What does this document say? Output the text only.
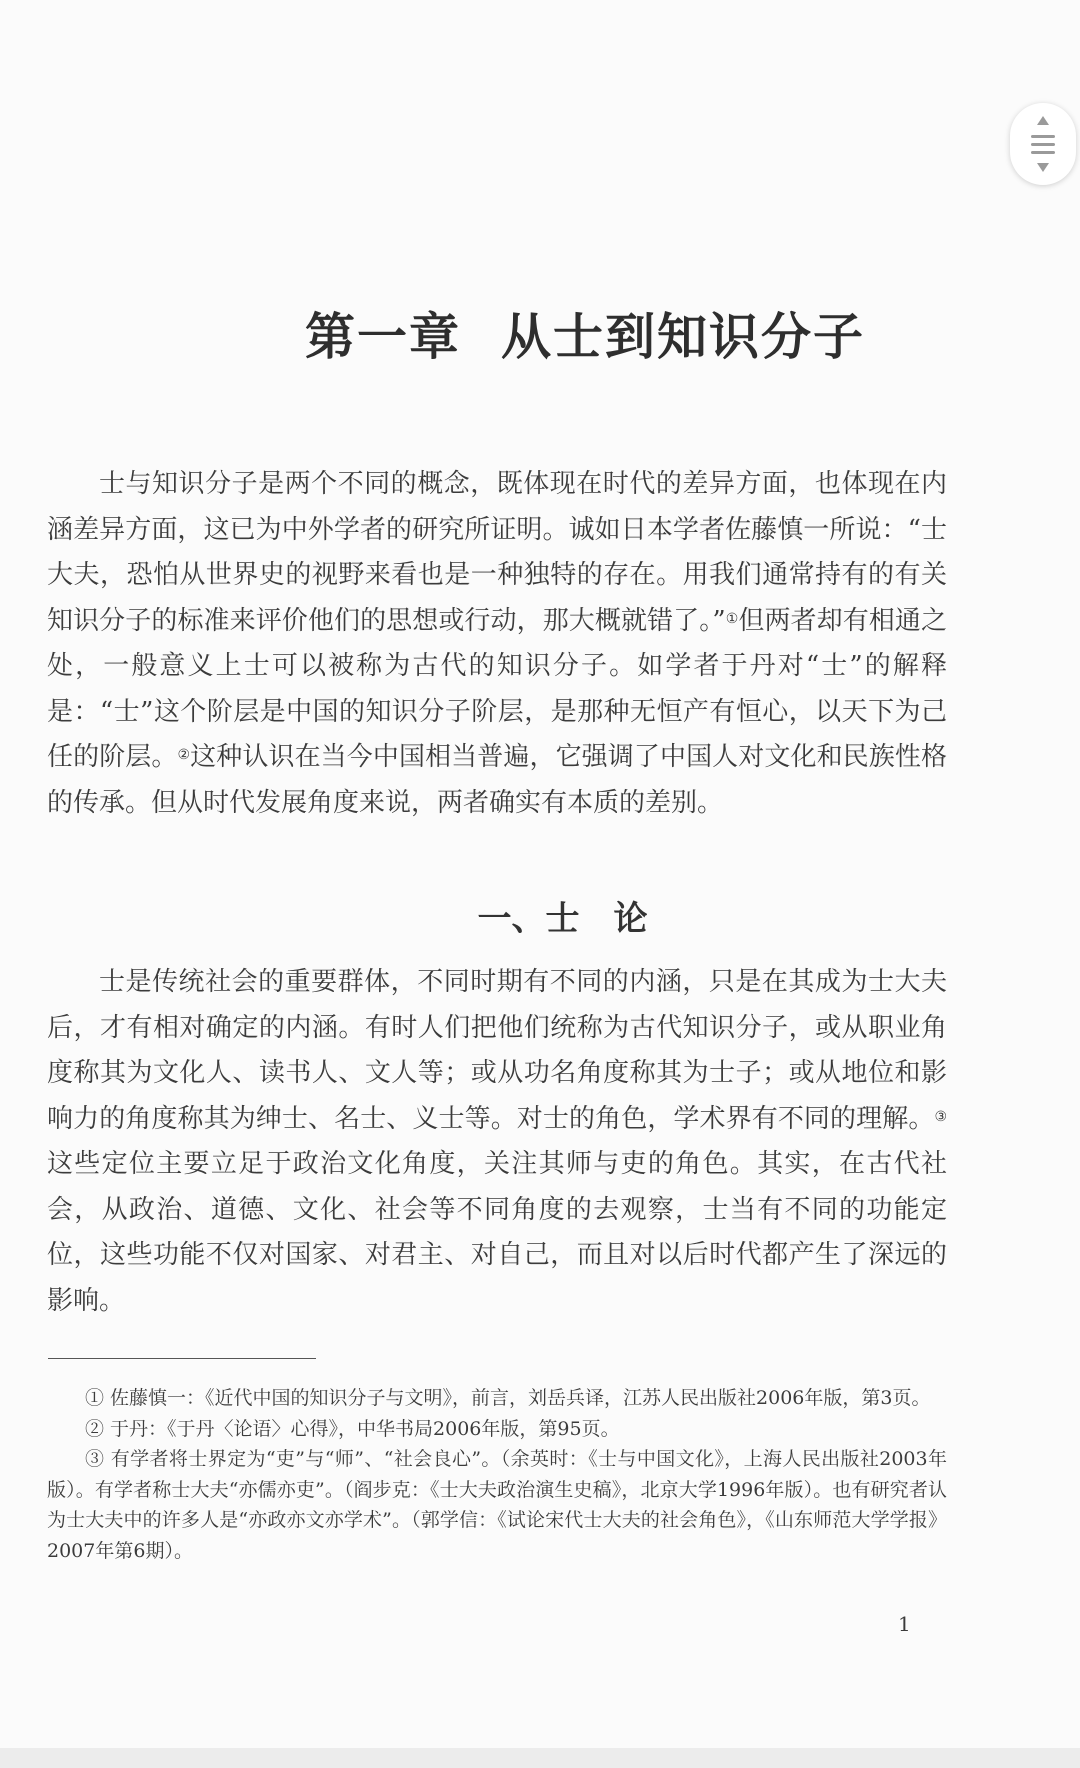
第一章 从士到知识分子

士与知识分子是两个不同的概念，既体现在时代的差异方面，也体现在内涵差异方面，这已为中外学者的研究所证明。诚如日本学者佐藤慎一所说：“士大夫，恐怕从世界史的视野来看也是一种独特的存在。用我们通常持有的有关知识分子的标准来评价他们的思想或行动，那大概就错了。”①但两者却有相通之处，一般意义上士可以被称为古代的知识分子。如学者于丹对“士”的解释是：“士”这个阶层是中国的知识分子阶层，是那种无恒产有恒心，以天下为己任的阶层。②这种认识在当今中国相当普遍，它强调了中国人对文化和民族性格的传承。但从时代发展角度来说，两者确实有本质的差别。

一、士　论

士是传统社会的重要群体，不同时期有不同的内涵，只是在其成为士大夫后，才有相对确定的内涵。有时人们把他们统称为古代知识分子，或从职业角度称其为文化人、读书人、文人等；或从功名角度称其为士子；或从地位和影响力的角度称其为绅士、名士、义士等。对士的角色，学术界有不同的理解。③这些定位主要立足于政治文化角度，关注其师与吏的角色。其实，在古代社会，从政治、道德、文化、社会等不同角度的去观察，士当有不同的功能定位，这些功能不仅对国家、对君主、对自己，而且对以后时代都产生了深远的影响。

① 佐藤慎一：《近代中国的知识分子与文明》，前言，刘岳兵译，江苏人民出版社2006年版，第3页。

② 于丹：《于丹〈论语〉心得》，中华书局2006年版，第95页。

③ 有学者将士界定为“吏”与“师”、“社会良心”。（余英时：《士与中国文化》，上海人民出版社2003年版）。有学者称士大夫“亦儒亦吏”。（阎步克：《士大夫政治演生史稿》，北京大学1996年版）。也有研究者认为士大夫中的许多人是“亦政亦文亦学术”。（郭学信：《试论宋代士大夫的社会角色》，《山东师范大学学报》2007年第6期）。

1
